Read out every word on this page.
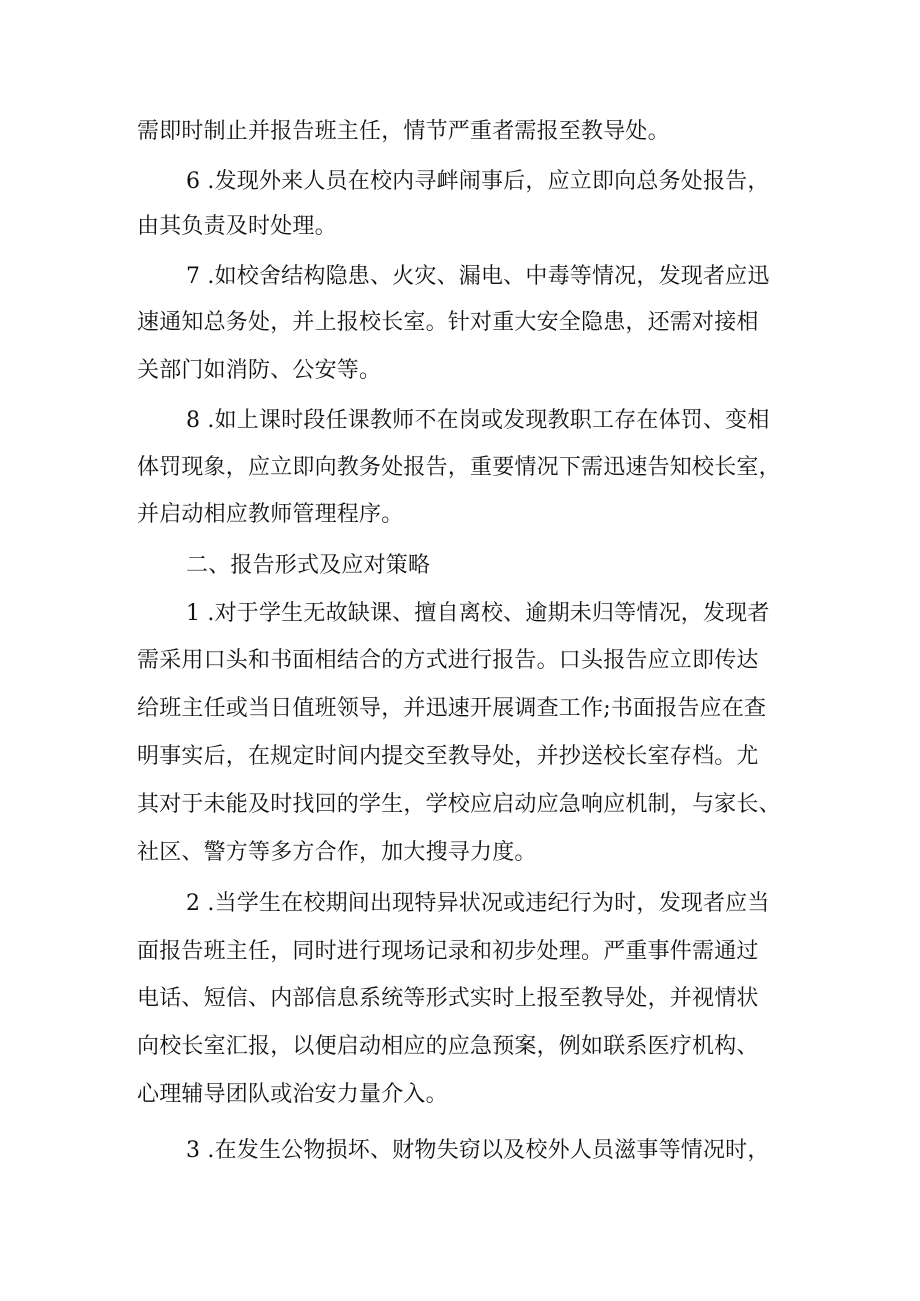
需即时制止并报告班主任，情节严重者需报至教导处。
6 .发现外来人员在校内寻衅闹事后，应立即向总务处报告，
由其负责及时处理。
7 .如校舍结构隐患、火灾、漏电、中毒等情况，发现者应迅
速通知总务处，并上报校长室。针对重大安全隐患，还需对接相
关部门如消防、公安等。
8 .如上课时段任课教师不在岗或发现教职工存在体罚、变相
体罚现象，应立即向教务处报告，重要情况下需迅速告知校长室，
并启动相应教师管理程序。
二、报告形式及应对策略
1 .对于学生无故缺课、擅自离校、逾期未归等情况，发现者
需采用口头和书面相结合的方式进行报告。口头报告应立即传达
给班主任或当日值班领导，并迅速开展调查工作;书面报告应在查
明事实后，在规定时间内提交至教导处，并抄送校长室存档。尤
其对于未能及时找回的学生，学校应启动应急响应机制，与家长、
社区、警方等多方合作，加大搜寻力度。
2 .当学生在校期间出现特异状况或违纪行为时，发现者应当
面报告班主任，同时进行现场记录和初步处理。严重事件需通过
电话、短信、内部信息系统等形式实时上报至教导处，并视情状
向校长室汇报，以便启动相应的应急预案，例如联系医疗机构、
心理辅导团队或治安力量介入。
3 .在发生公物损坏、财物失窃以及校外人员滋事等情况时，
